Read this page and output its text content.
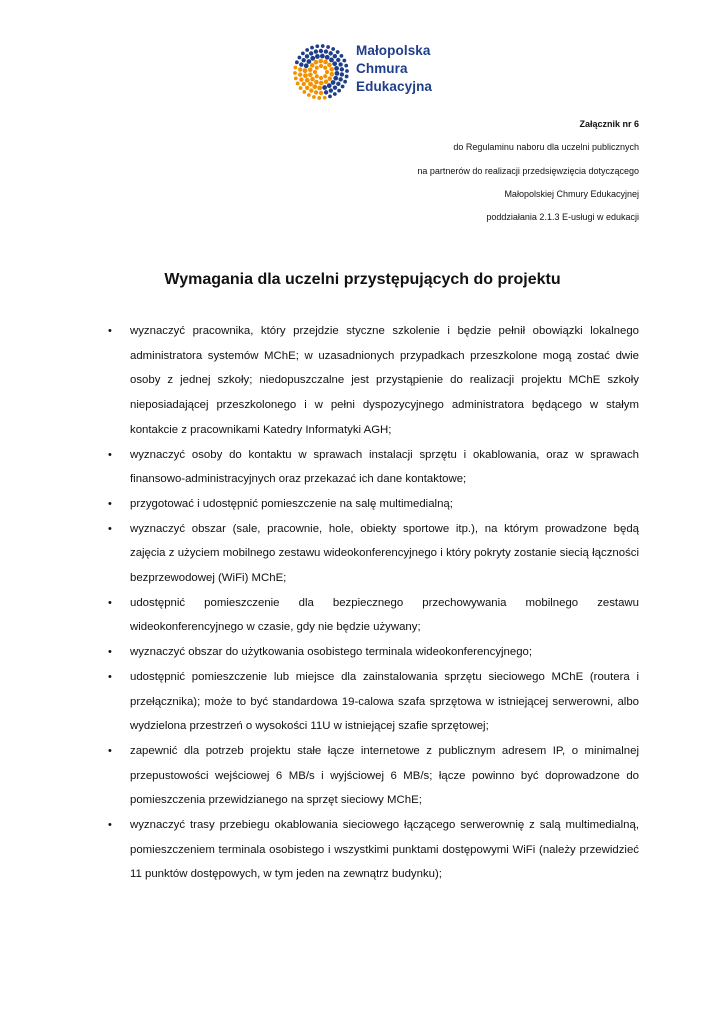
Małopolska
Chmura
Edukacyjna
Załącznik nr 6
do Regulaminu naboru dla uczelni publicznych
na partnerów do realizacji przedsięwzięcia dotyczącego
Małopolskiej Chmury Edukacyjnej
poddziałania 2.1.3 E-usługi w edukacji
Wymagania dla uczelni przystępujących do projektu
• wyznaczyć pracownika, który przejdzie styczne szkolenie i będzie pełnił obowiązki lokalnego administratora systemów MChE; w uzasadnionych przypadkach przeszkolone mogą zostać dwie osoby z jednej szkoły; niedopuszczalne jest przystąpienie do realizacji projektu MChE szkoły nieposiadającej przeszkolonego i w pełni dyspozycyjnego administratora będącego w stałym kontakcie z pracownikami Katedry Informatyki AGH;
• wyznaczyć osoby do kontaktu w sprawach instalacji sprzętu i okablowania, oraz w sprawach finansowo-administracyjnych oraz przekazać ich dane kontaktowe;
• przygotować i udostępnić pomieszczenie na salę multimedialną;
• wyznaczyć obszar (sale, pracownie, hole, obiekty sportowe itp.), na którym prowadzone będą zajęcia z użyciem mobilnego zestawu wideokonferencyjnego i który pokryty zostanie siecią łączności bezprzewodowej (WiFi) MChE;
• udostępnić pomieszczenie dla bezpiecznego przechowywania mobilnego zestawu wideokonferencyjnego w czasie, gdy nie będzie używany;
• wyznaczyć obszar do użytkowania osobistego terminala wideokonferencyjnego;
• udostępnić pomieszczenie lub miejsce dla zainstalowania sprzętu sieciowego MChE (routera i przełącznika); może to być standardowa 19-calowa szafa sprzętowa w istniejącej serwerowni, albo wydzielona przestrzeń o wysokości 11U w istniejącej szafie sprzętowej;
• zapewnić dla potrzeb projektu stałe łącze internetowe z publicznym adresem IP, o minimalnej przepustowości wejściowej 6 MB/s i wyjściowej 6 MB/s; łącze powinno być doprowadzone do pomieszczenia przewidzianego na sprzęt sieciowy MChE;
• wyznaczyć trasy przebiegu okablowania sieciowego łączącego serwerownię z salą multimedialną, pomieszczeniem terminala osobistego i wszystkimi punktami dostępowymi WiFi (należy przewidzieć 11 punktów dostępowych, w tym jeden na zewnątrz budynku);
